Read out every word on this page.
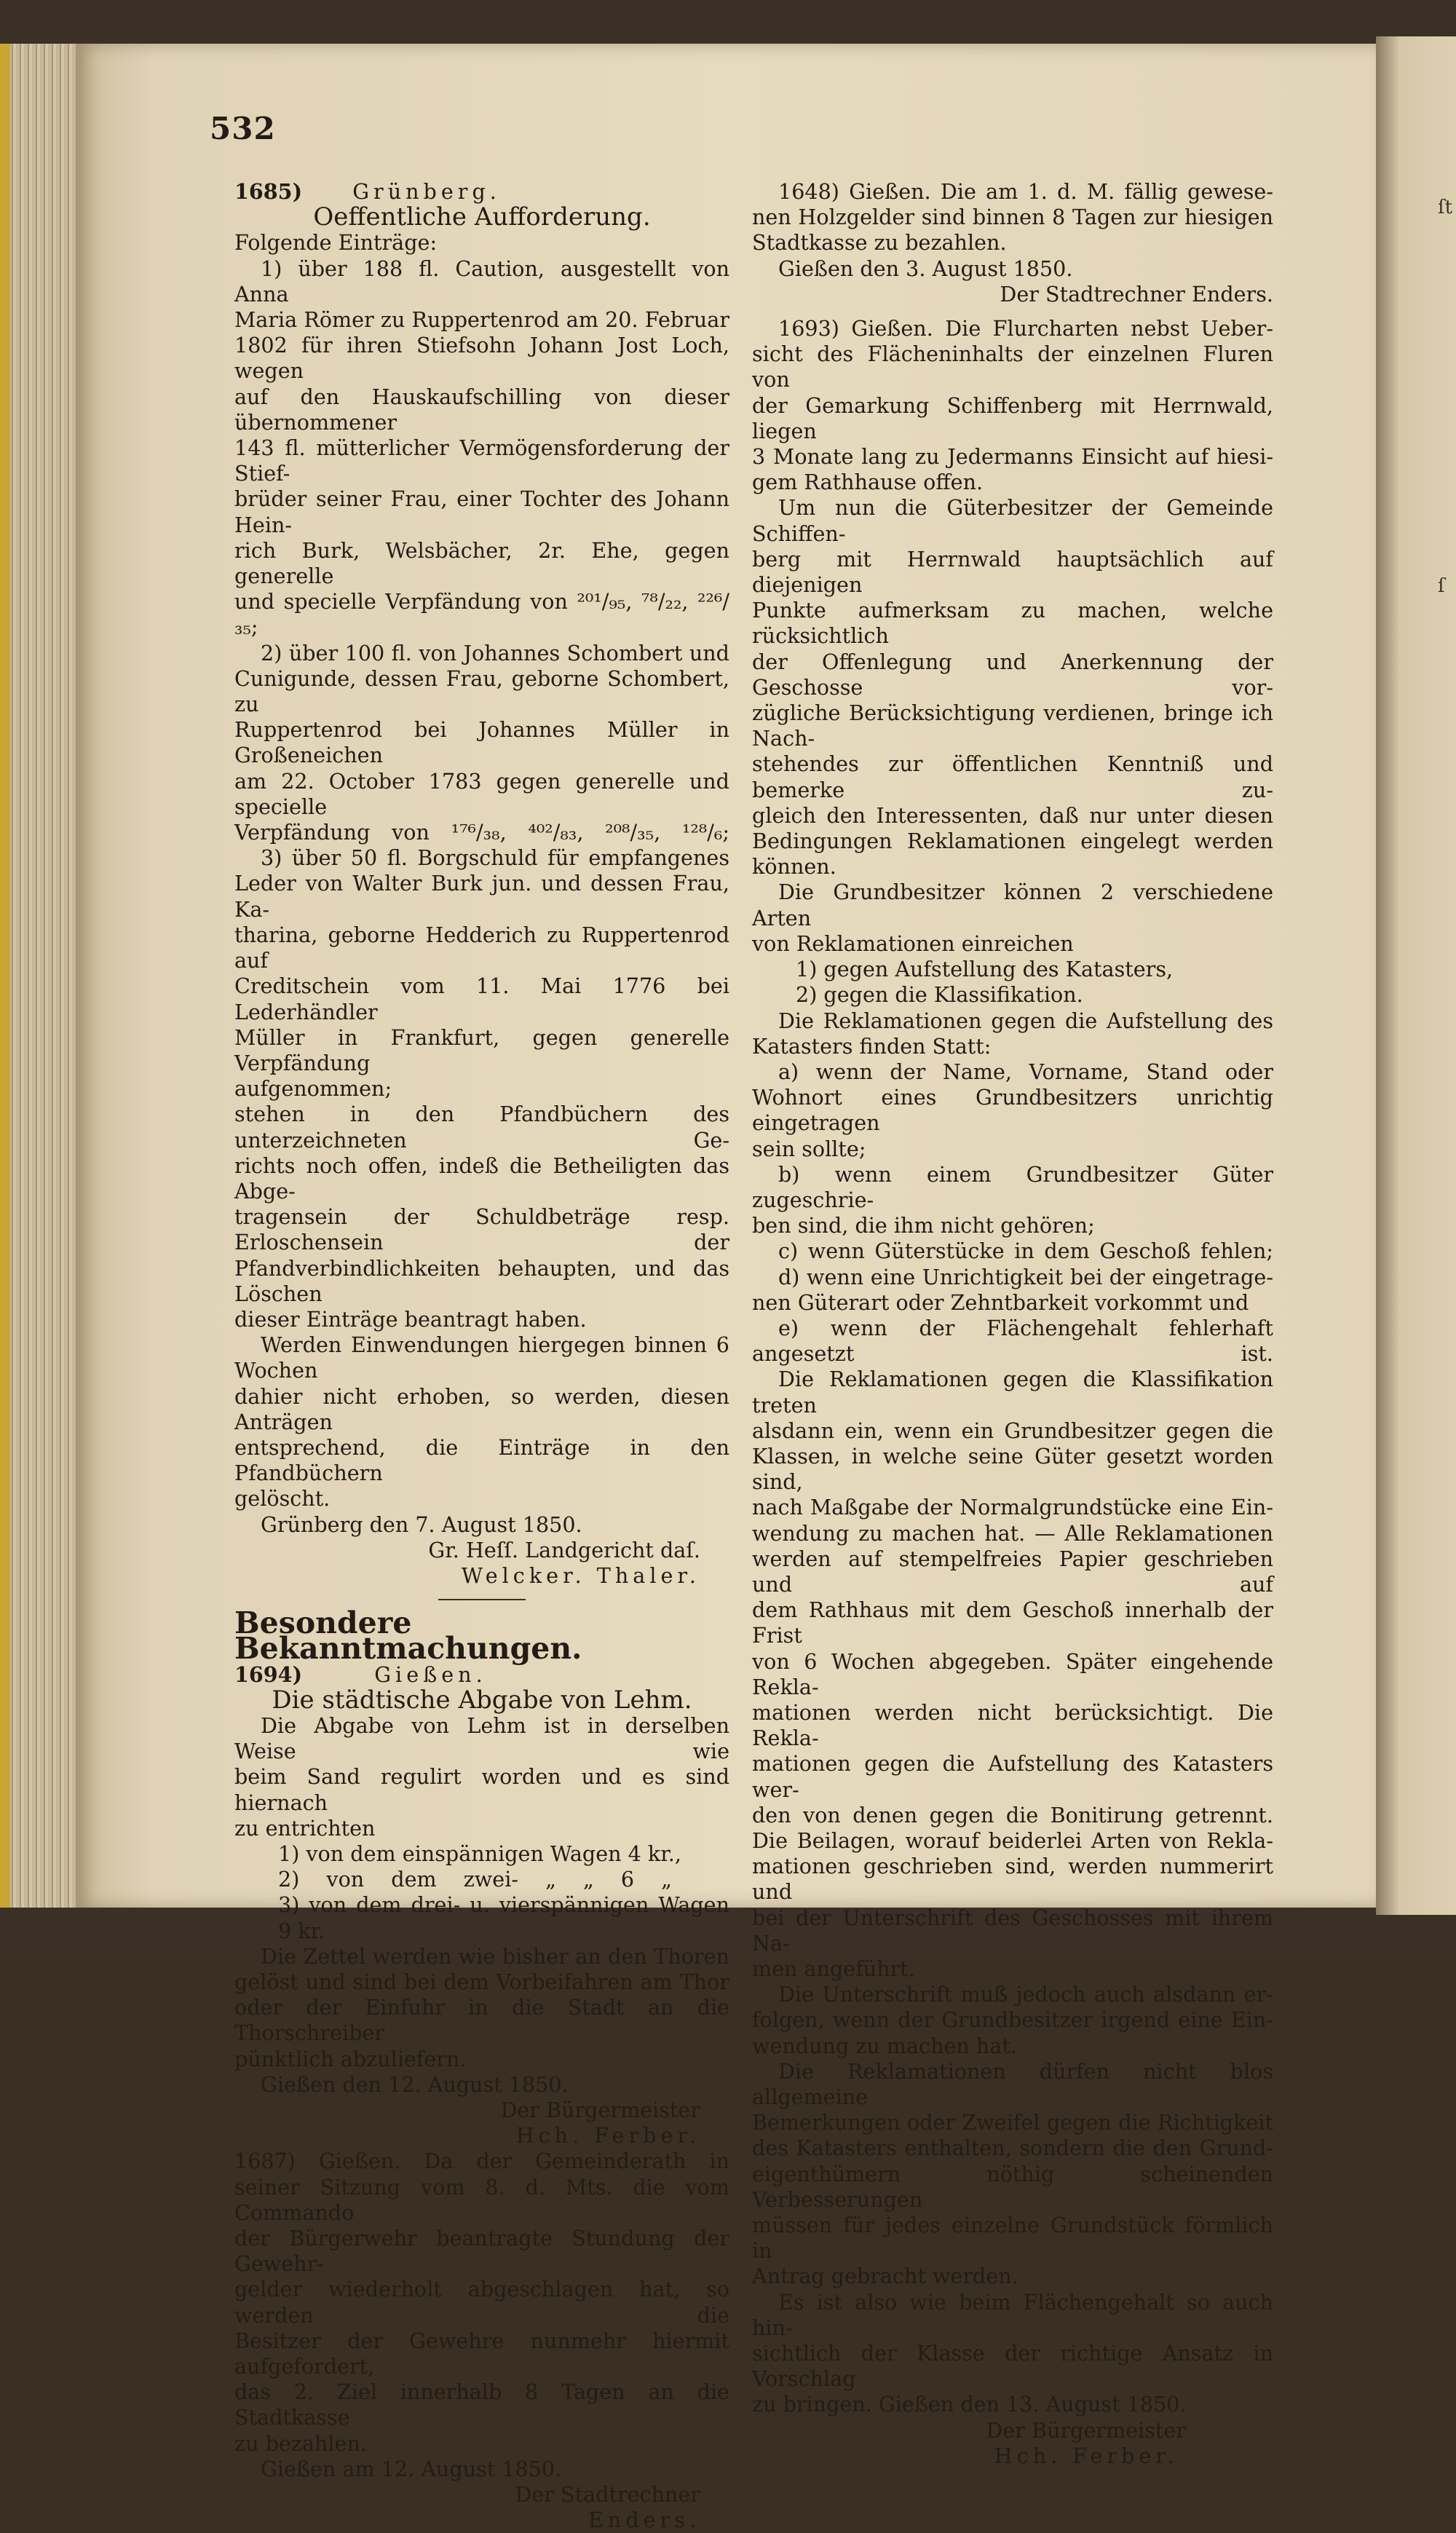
ſt
ſ
532

1685) Grünberg.

Oeffentliche Aufforderung.

Folgende Einträge:

1) über 188 fl. Caution, ausgestellt von Anna

Maria Römer zu Ruppertenrod am 20. Februar

1802 für ihren Stiefsohn Johann Jost Loch, wegen

auf den Hauskaufschilling von dieser übernommener

143 fl. mütterlicher Vermögensforderung der Stief-

brüder seiner Frau, einer Tochter des Johann Hein-

rich Burk, Welsbächer, 2r. Ehe, gegen generelle

und specielle Verpfändung von ²⁰¹/₉₅, ⁷⁸/₂₂, ²²⁶/₃₅;

2) über 100 fl. von Johannes Schombert und

Cunigunde, dessen Frau, geborne Schombert, zu

Ruppertenrod bei Johannes Müller in Großeneichen

am 22. October 1783 gegen generelle und specielle

Verpfändung von ¹⁷⁶/₃₈, ⁴⁰²/₈₃, ²⁰⁸/₃₅, ¹²⁸/₆;

3) über 50 fl. Borgschuld für empfangenes

Leder von Walter Burk jun. und dessen Frau, Ka-

tharina, geborne Hedderich zu Ruppertenrod auf

Creditschein vom 11. Mai 1776 bei Lederhändler

Müller in Frankfurt, gegen generelle Verpfändung

aufgenommen;

stehen in den Pfandbüchern des unterzeichneten Ge-

richts noch offen, indeß die Betheiligten das Abge-

tragensein der Schuldbeträge resp. Erloschensein der

Pfandverbindlichkeiten behaupten, und das Löschen

dieser Einträge beantragt haben.

Werden Einwendungen hiergegen binnen 6 Wochen

dahier nicht erhoben, so werden, diesen Anträgen

entsprechend, die Einträge in den Pfandbüchern

gelöscht.

Grünberg den 7. August 1850.

Gr. Heſſ. Landgericht daſ.

Welcker. Thaler.

Besondere Bekanntmachungen.

1694)	Gießen.

Die städtische Abgabe von Lehm.

Die Abgabe von Lehm ist in derselben Weise wie

beim Sand regulirt worden und es sind hiernach

zu entrichten

1) von dem einspännigen Wagen 4 kr.,

2) von dem zwei- „ „ 6 „

3) von dem drei- u. vierspännigen Wagen 9 kr.

Die Zettel werden wie bisher an den Thoren

gelöst und sind bei dem Vorbeifahren am Thor

oder der Einfuhr in die Stadt an die Thorschreiber

pünktlich abzuliefern.

Gießen den 12. August 1850.

Der Bürgermeister

Hch. Ferber.

1687) Gießen. Da der Gemeinderath in

seiner Sitzung vom 8. d. Mts. die vom Commando

der Bürgerwehr beantragte Stundung der Gewehr-

gelder wiederholt abgeschlagen hat, so werden die

Besitzer der Gewehre nunmehr hiermit aufgefordert,

das 2. Ziel innerhalb 8 Tagen an die Stadtkasse

zu bezahlen.

Gießen am 12. August 1850.

Der Stadtrechner

Enders.

1648) Gießen. Die am 1. d. M. fällig gewese-

nen Holzgelder sind binnen 8 Tagen zur hiesigen

Stadtkasse zu bezahlen.

Gießen den 3. August 1850.

Der Stadtrechner Enders.

1693) Gießen. Die Flurcharten nebst Ueber-

sicht des Flächeninhalts der einzelnen Fluren von

der Gemarkung Schiffenberg mit Herrnwald, liegen

3 Monate lang zu Jedermanns Einsicht auf hiesi-

gem Rathhause offen.

Um nun die Güterbesitzer der Gemeinde Schiffen-

berg mit Herrnwald hauptsächlich auf diejenigen

Punkte aufmerksam zu machen, welche rücksichtlich

der Offenlegung und Anerkennung der Geschosse vor-

zügliche Berücksichtigung verdienen, bringe ich Nach-

stehendes zur öffentlichen Kenntniß und bemerke zu-

gleich den Interessenten, daß nur unter diesen

Bedingungen Reklamationen eingelegt werden können.

Die Grundbesitzer können 2 verschiedene Arten

von Reklamationen einreichen

1) gegen Aufstellung des Katasters,

2) gegen die Klassifikation.

Die Reklamationen gegen die Aufstellung des

Katasters finden Statt:

a) wenn der Name, Vorname, Stand oder

Wohnort eines Grundbesitzers unrichtig eingetragen

sein sollte;

b) wenn einem Grundbesitzer Güter zugeschrie-

ben sind, die ihm nicht gehören;

c) wenn Güterstücke in dem Geschoß fehlen;

d) wenn eine Unrichtigkeit bei der eingetrage-

nen Güterart oder Zehntbarkeit vorkommt und

e) wenn der Flächengehalt fehlerhaft angesetzt ist.

Die Reklamationen gegen die Klassifikation treten

alsdann ein, wenn ein Grundbesitzer gegen die

Klassen, in welche seine Güter gesetzt worden sind,

nach Maßgabe der Normalgrundstücke eine Ein-

wendung zu machen hat. — Alle Reklamationen

werden auf stempelfreies Papier geschrieben und auf

dem Rathhaus mit dem Geschoß innerhalb der Frist

von 6 Wochen abgegeben. Später eingehende Rekla-

mationen werden nicht berücksichtigt. Die Rekla-

mationen gegen die Aufstellung des Katasters wer-

den von denen gegen die Bonitirung getrennt.

Die Beilagen, worauf beiderlei Arten von Rekla-

mationen geschrieben sind, werden nummerirt und

bei der Unterschrift des Geschosses mit ihrem Na-

men angeführt.

Die Unterschrift muß jedoch auch alsdann er-

folgen, wenn der Grundbesitzer irgend eine Ein-

wendung zu machen hat.

Die Reklamationen dürfen nicht blos allgemeine

Bemerkungen oder Zweifel gegen die Richtigkeit

des Katasters enthalten, sondern die den Grund-

eigenthümern nöthig scheinenden Verbesserungen

müssen für jedes einzelne Grundstück förmlich in

Antrag gebracht werden.

Es ist also wie beim Flächengehalt so auch hin-

sichtlich der Klasse der richtige Ansatz in Vorschlag

zu bringen. Gießen den 13. August 1850.

Der Bürgermeister

Hch. Ferber.
